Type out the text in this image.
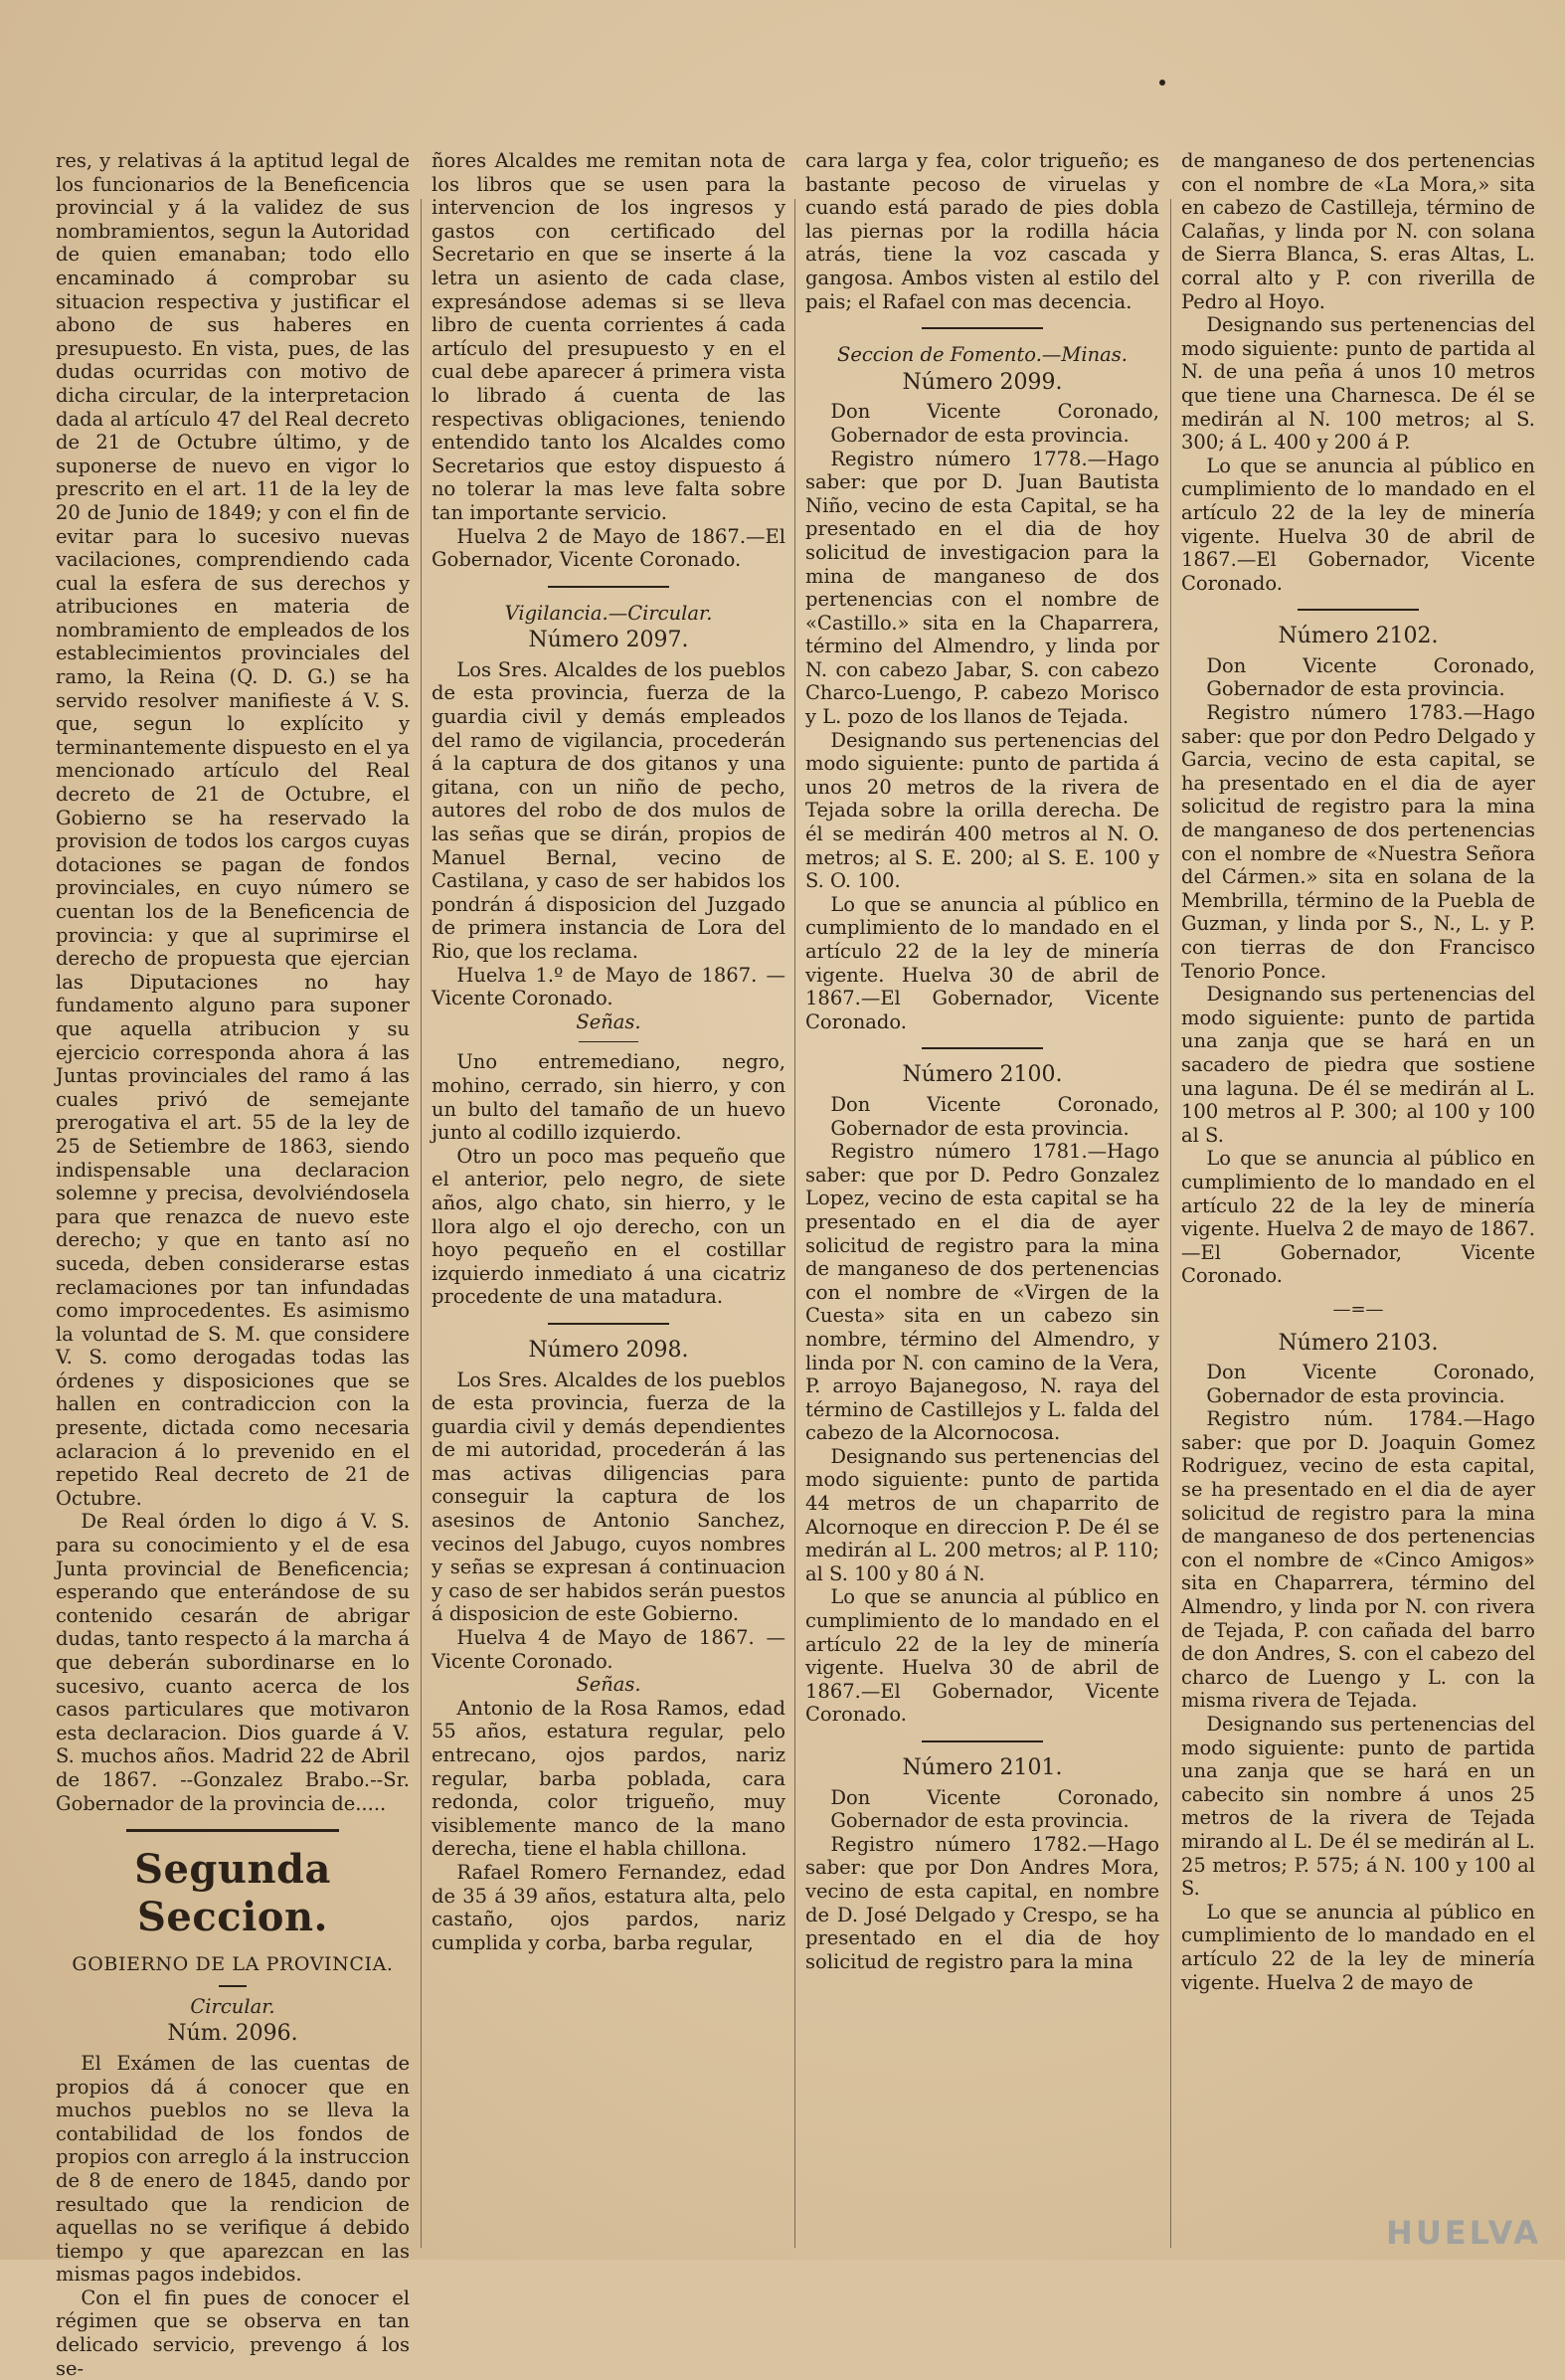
res, y relativas á la aptitud legal de los funcionarios de la Beneficencia provincial y á la validez de sus nombramientos, segun la Autoridad de quien emanaban; todo ello encaminado á comprobar su situacion respectiva y justificar el abono de sus haberes en presupuesto. En vista, pues, de las dudas ocurridas con motivo de dicha circular, de la interpretacion dada al artículo 47 del Real decreto de 21 de Octubre último, y de suponerse de nuevo en vigor lo prescrito en el art. 11 de la ley de 20 de Junio de 1849; y con el fin de evitar para lo sucesivo nuevas vacilaciones, comprendiendo cada cual la esfera de sus derechos y atribuciones en materia de nombramiento de empleados de los establecimientos provinciales del ramo, la Reina (Q. D. G.) se ha servido resolver manifieste á V. S. que, segun lo explícito y terminantemente dispuesto en el ya mencionado artículo del Real decreto de 21 de Octubre, el Gobierno se ha reservado la provision de todos los cargos cuyas dotaciones se pagan de fondos provinciales, en cuyo número se cuentan los de la Beneficencia de provincia: y que al suprimirse el derecho de propuesta que ejercian las Diputaciones no hay fundamento alguno para suponer que aquella atribucion y su ejercicio corresponda ahora á las Juntas provinciales del ramo á las cuales privó de semejante prerogativa el art. 55 de la ley de 25 de Setiembre de 1863, siendo indispensable una declaracion solemne y precisa, devolviéndosela para que renazca de nuevo este derecho; y que en tanto así no suceda, deben considerarse estas reclamaciones por tan infundadas como improcedentes. Es asimismo la voluntad de S. M. que considere V. S. como derogadas todas las órdenes y disposiciones que se hallen en contradiccion con la presente, dictada como necesaria aclaracion á lo prevenido en el repetido Real decreto de 21 de Octubre.

De Real órden lo digo á V. S. para su conocimiento y el de esa Junta provincial de Beneficencia; esperando que enterándose de su contenido cesarán de abrigar dudas, tanto respecto á la marcha á que deberán subordinarse en lo sucesivo, cuanto acerca de los casos particulares que motivaron esta declaracion. Dios guarde á V. S. muchos años. Madrid 22 de Abril de 1867. --Gonzalez Brabo.--Sr. Gobernador de la provincia de.....

Segunda Seccion.
GOBIERNO DE LA PROVINCIA.
Circular.
Núm. 2096.

El Exámen de las cuentas de propios dá á conocer que en muchos pueblos no se lleva la contabilidad de los fondos de propios con arreglo á la instruccion de 8 de enero de 1845, dando por resultado que la rendicion de aquellas no se verifique á debido tiempo y que aparezcan en las mismas pagos indebidos.

Con el fin pues de conocer el régimen que se observa en tan delicado servicio, prevengo á los se-

ñores Alcaldes me remitan nota de los libros que se usen para la intervencion de los ingresos y gastos con certificado del Secretario en que se inserte á la letra un asiento de cada clase, expresándose ademas si se lleva libro de cuenta corrientes á cada artículo del presupuesto y en el cual debe aparecer á primera vista lo librado á cuenta de las respectivas obligaciones, teniendo entendido tanto los Alcaldes como Secretarios que estoy dispuesto á no tolerar la mas leve falta sobre tan importante servicio.

Huelva 2 de Mayo de 1867.—El Gobernador, Vicente Coronado.

Vigilancia.—Circular.
Número 2097.

Los Sres. Alcaldes de los pueblos de esta provincia, fuerza de la guardia civil y demás empleados del ramo de vigilancia, procederán á la captura de dos gitanos y una gitana, con un niño de pecho, autores del robo de dos mulos de las señas que se dirán, propios de Manuel Bernal, vecino de Castilana, y caso de ser habidos los pondrán á disposicion del Juzgado de primera instancia de Lora del Rio, que los reclama.

Huelva 1.º de Mayo de 1867. —Vicente Coronado.

Señas.

Uno entremediano, negro, mohino, cerrado, sin hierro, y con un bulto del tamaño de un huevo junto al codillo izquierdo.

Otro un poco mas pequeño que el anterior, pelo negro, de siete años, algo chato, sin hierro, y le llora algo el ojo derecho, con un hoyo pequeño en el costillar izquierdo inmediato á una cicatriz procedente de una matadura.

Número 2098.

Los Sres. Alcaldes de los pueblos de esta provincia, fuerza de la guardia civil y demás dependientes de mi autoridad, procederán á las mas activas diligencias para conseguir la captura de los asesinos de Antonio Sanchez, vecinos del Jabugo, cuyos nombres y señas se expresan á continuacion y caso de ser habidos serán puestos á disposicion de este Gobierno.

Huelva 4 de Mayo de 1867. —Vicente Coronado.

Señas.

Antonio de la Rosa Ramos, edad 55 años, estatura regular, pelo entrecano, ojos pardos, nariz regular, barba poblada, cara redonda, color trigueño, muy visiblemente manco de la mano derecha, tiene el habla chillona.

Rafael Romero Fernandez, edad de 35 á 39 años, estatura alta, pelo castaño, ojos pardos, nariz cumplida y corba, barba regular,

cara larga y fea, color trigueño; es bastante pecoso de viruelas y cuando está parado de pies dobla las piernas por la rodilla hácia atrás, tiene la voz cascada y gangosa. Ambos visten al estilo del pais; el Rafael con mas decencia.

Seccion de Fomento.—Minas.
Número 2099.

Don Vicente Coronado, Gobernador de esta provincia.

Registro número 1778.—Hago saber: que por D. Juan Bautista Niño, vecino de esta Capital, se ha presentado en el dia de hoy solicitud de investigacion para la mina de manganeso de dos pertenencias con el nombre de «Castillo.» sita en la Chaparrera, término del Almendro, y linda por N. con cabezo Jabar, S. con cabezo Charco-Luengo, P. cabezo Morisco y L. pozo de los llanos de Tejada.

Designando sus pertenencias del modo siguiente: punto de partida á unos 20 metros de la rivera de Tejada sobre la orilla derecha. De él se medirán 400 metros al N. O. metros; al S. E. 200; al S. E. 100 y S. O. 100.

Lo que se anuncia al público en cumplimiento de lo mandado en el artículo 22 de la ley de minería vigente. Huelva 30 de abril de 1867.—El Gobernador, Vicente Coronado.

Número 2100.

Don Vicente Coronado, Gobernador de esta provincia.

Registro número 1781.—Hago saber: que por D. Pedro Gonzalez Lopez, vecino de esta capital se ha presentado en el dia de ayer solicitud de registro para la mina de manganeso de dos pertenencias con el nombre de «Virgen de la Cuesta» sita en un cabezo sin nombre, término del Almendro, y linda por N. con camino de la Vera, P. arroyo Bajanegoso, N. raya del término de Castillejos y L. falda del cabezo de la Alcornocosa.

Designando sus pertenencias del modo siguiente: punto de partida 44 metros de un chaparrito de Alcornoque en direccion P. De él se medirán al L. 200 metros; al P. 110; al S. 100 y 80 á N.

Lo que se anuncia al público en cumplimiento de lo mandado en el artículo 22 de la ley de minería vigente. Huelva 30 de abril de 1867.—El Gobernador, Vicente Coronado.

Número 2101.

Don Vicente Coronado, Gobernador de esta provincia.

Registro número 1782.—Hago saber: que por Don Andres Mora, vecino de esta capital, en nombre de D. José Delgado y Crespo, se ha presentado en el dia de hoy solicitud de registro para la mina

de manganeso de dos pertenencias con el nombre de «La Mora,» sita en cabezo de Castilleja, término de Calañas, y linda por N. con solana de Sierra Blanca, S. eras Altas, L. corral alto y P. con riverilla de Pedro al Hoyo.

Designando sus pertenencias del modo siguiente: punto de partida al N. de una peña á unos 10 metros que tiene una Charnesca. De él se medirán al N. 100 metros; al S. 300; á L. 400 y 200 á P.

Lo que se anuncia al público en cumplimiento de lo mandado en el artículo 22 de la ley de minería vigente. Huelva 30 de abril de 1867.—El Gobernador, Vicente Coronado.

Número 2102.

Don Vicente Coronado, Gobernador de esta provincia.

Registro número 1783.—Hago saber: que por don Pedro Delgado y Garcia, vecino de esta capital, se ha presentado en el dia de ayer solicitud de registro para la mina de manganeso de dos pertenencias con el nombre de «Nuestra Señora del Cármen.» sita en solana de la Membrilla, término de la Puebla de Guzman, y linda por S., N., L. y P. con tierras de don Francisco Tenorio Ponce.

Designando sus pertenencias del modo siguiente: punto de partida una zanja que se hará en un sacadero de piedra que sostiene una laguna. De él se medirán al L. 100 metros al P. 300; al 100 y 100 al S.

Lo que se anuncia al público en cumplimiento de lo mandado en el artículo 22 de la ley de minería vigente. Huelva 2 de mayo de 1867.—El Gobernador, Vicente Coronado.

—=—
Número 2103.

Don Vicente Coronado, Gobernador de esta provincia.

Registro núm. 1784.—Hago saber: que por D. Joaquin Gomez Rodriguez, vecino de esta capital, se ha presentado en el dia de ayer solicitud de registro para la mina de manganeso de dos pertenencias con el nombre de «Cinco Amigos» sita en Chaparrera, término del Almendro, y linda por N. con rivera de Tejada, P. con cañada del barro de don Andres, S. con el cabezo del charco de Luengo y L. con la misma rivera de Tejada.

Designando sus pertenencias del modo siguiente: punto de partida una zanja que se hará en un cabecito sin nombre á unos 25 metros de la rivera de Tejada mirando al L. De él se medirán al L. 25 metros; P. 575; á N. 100 y 100 al S.

Lo que se anuncia al público en cumplimiento de lo mandado en el artículo 22 de la ley de minería vigente. Huelva 2 de mayo de

HUELVA
